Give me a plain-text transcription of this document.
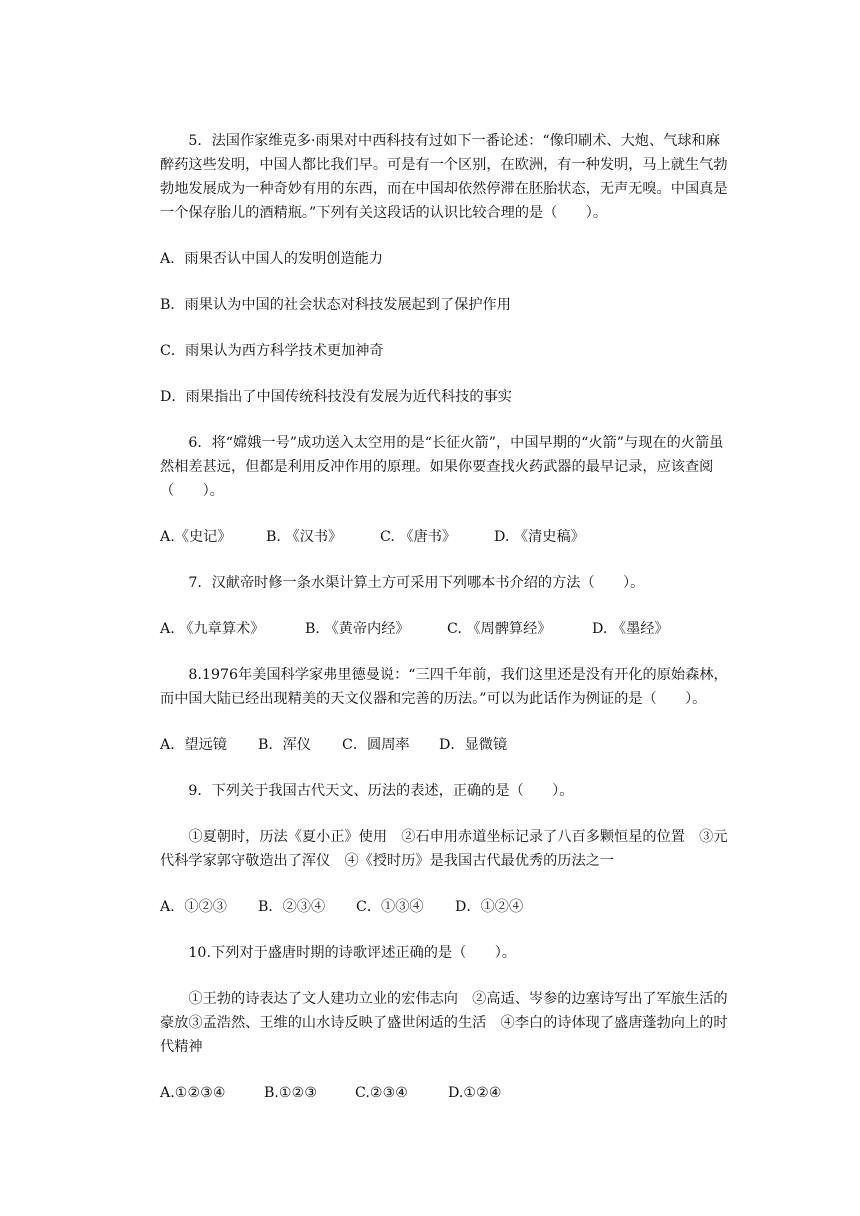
5．法国作家维克多·雨果对中西科技有过如下一番论述：“像印刷术、大炮、气球和麻醉药这些发明，中国人都比我们早。可是有一个区别，在欧洲，有一种发明，马上就生气勃勃地发展成为一种奇妙有用的东西，而在中国却依然停滞在胚胎状态，无声无嗅。中国真是一个保存胎儿的酒精瓶。”下列有关这段话的认识比较合理的是（　　）。

A．雨果否认中国人的发明创造能力

B．雨果认为中国的社会状态对科技发展起到了保护作用

C．雨果认为西方科学技术更加神奇

D．雨果指出了中国传统科技没有发展为近代科技的事实

6．将“嫦娥一号”成功送入太空用的是“长征火箭”，中国早期的“火箭”与现在的火箭虽然相差甚远，但都是利用反冲作用的原理。如果你要查找火药武器的最早记录，应该查阅（　　）。

A.《史记》	B. 《汉书》	C. 《唐书》	D. 《清史稿》

7．汉献帝时修一条水渠计算土方可采用下列哪本书介绍的方法（　　）。

A. 《九章算术》	B. 《黄帝内经》	C. 《周髀算经》	D. 《墨经》

8.1976年美国科学家弗里德曼说：“三四千年前，我们这里还是没有开化的原始森林，而中国大陆已经出现精美的天文仪器和完善的历法。”可以为此话作为例证的是（　　）。

A．望远镜	B．浑仪	C．圆周率	D．显微镜

9．下列关于我国古代天文、历法的表述，正确的是（　　）。

①夏朝时，历法《夏小正》使用　②石申用赤道坐标记录了八百多颗恒星的位置　③元代科学家郭守敬造出了浑仪　④《授时历》是我国古代最优秀的历法之一

A．①②③	B．②③④	C．①③④	D．①②④

10.下列对于盛唐时期的诗歌评述正确的是（　　）。

①王勃的诗表达了文人建功立业的宏伟志向　②高适、岑参的边塞诗写出了军旅生活的豪放③孟浩然、王维的山水诗反映了盛世闲适的生活　④李白的诗体现了盛唐蓬勃向上的时代精神

A.①②③④	B.①②③	C.②③④	D.①②④
